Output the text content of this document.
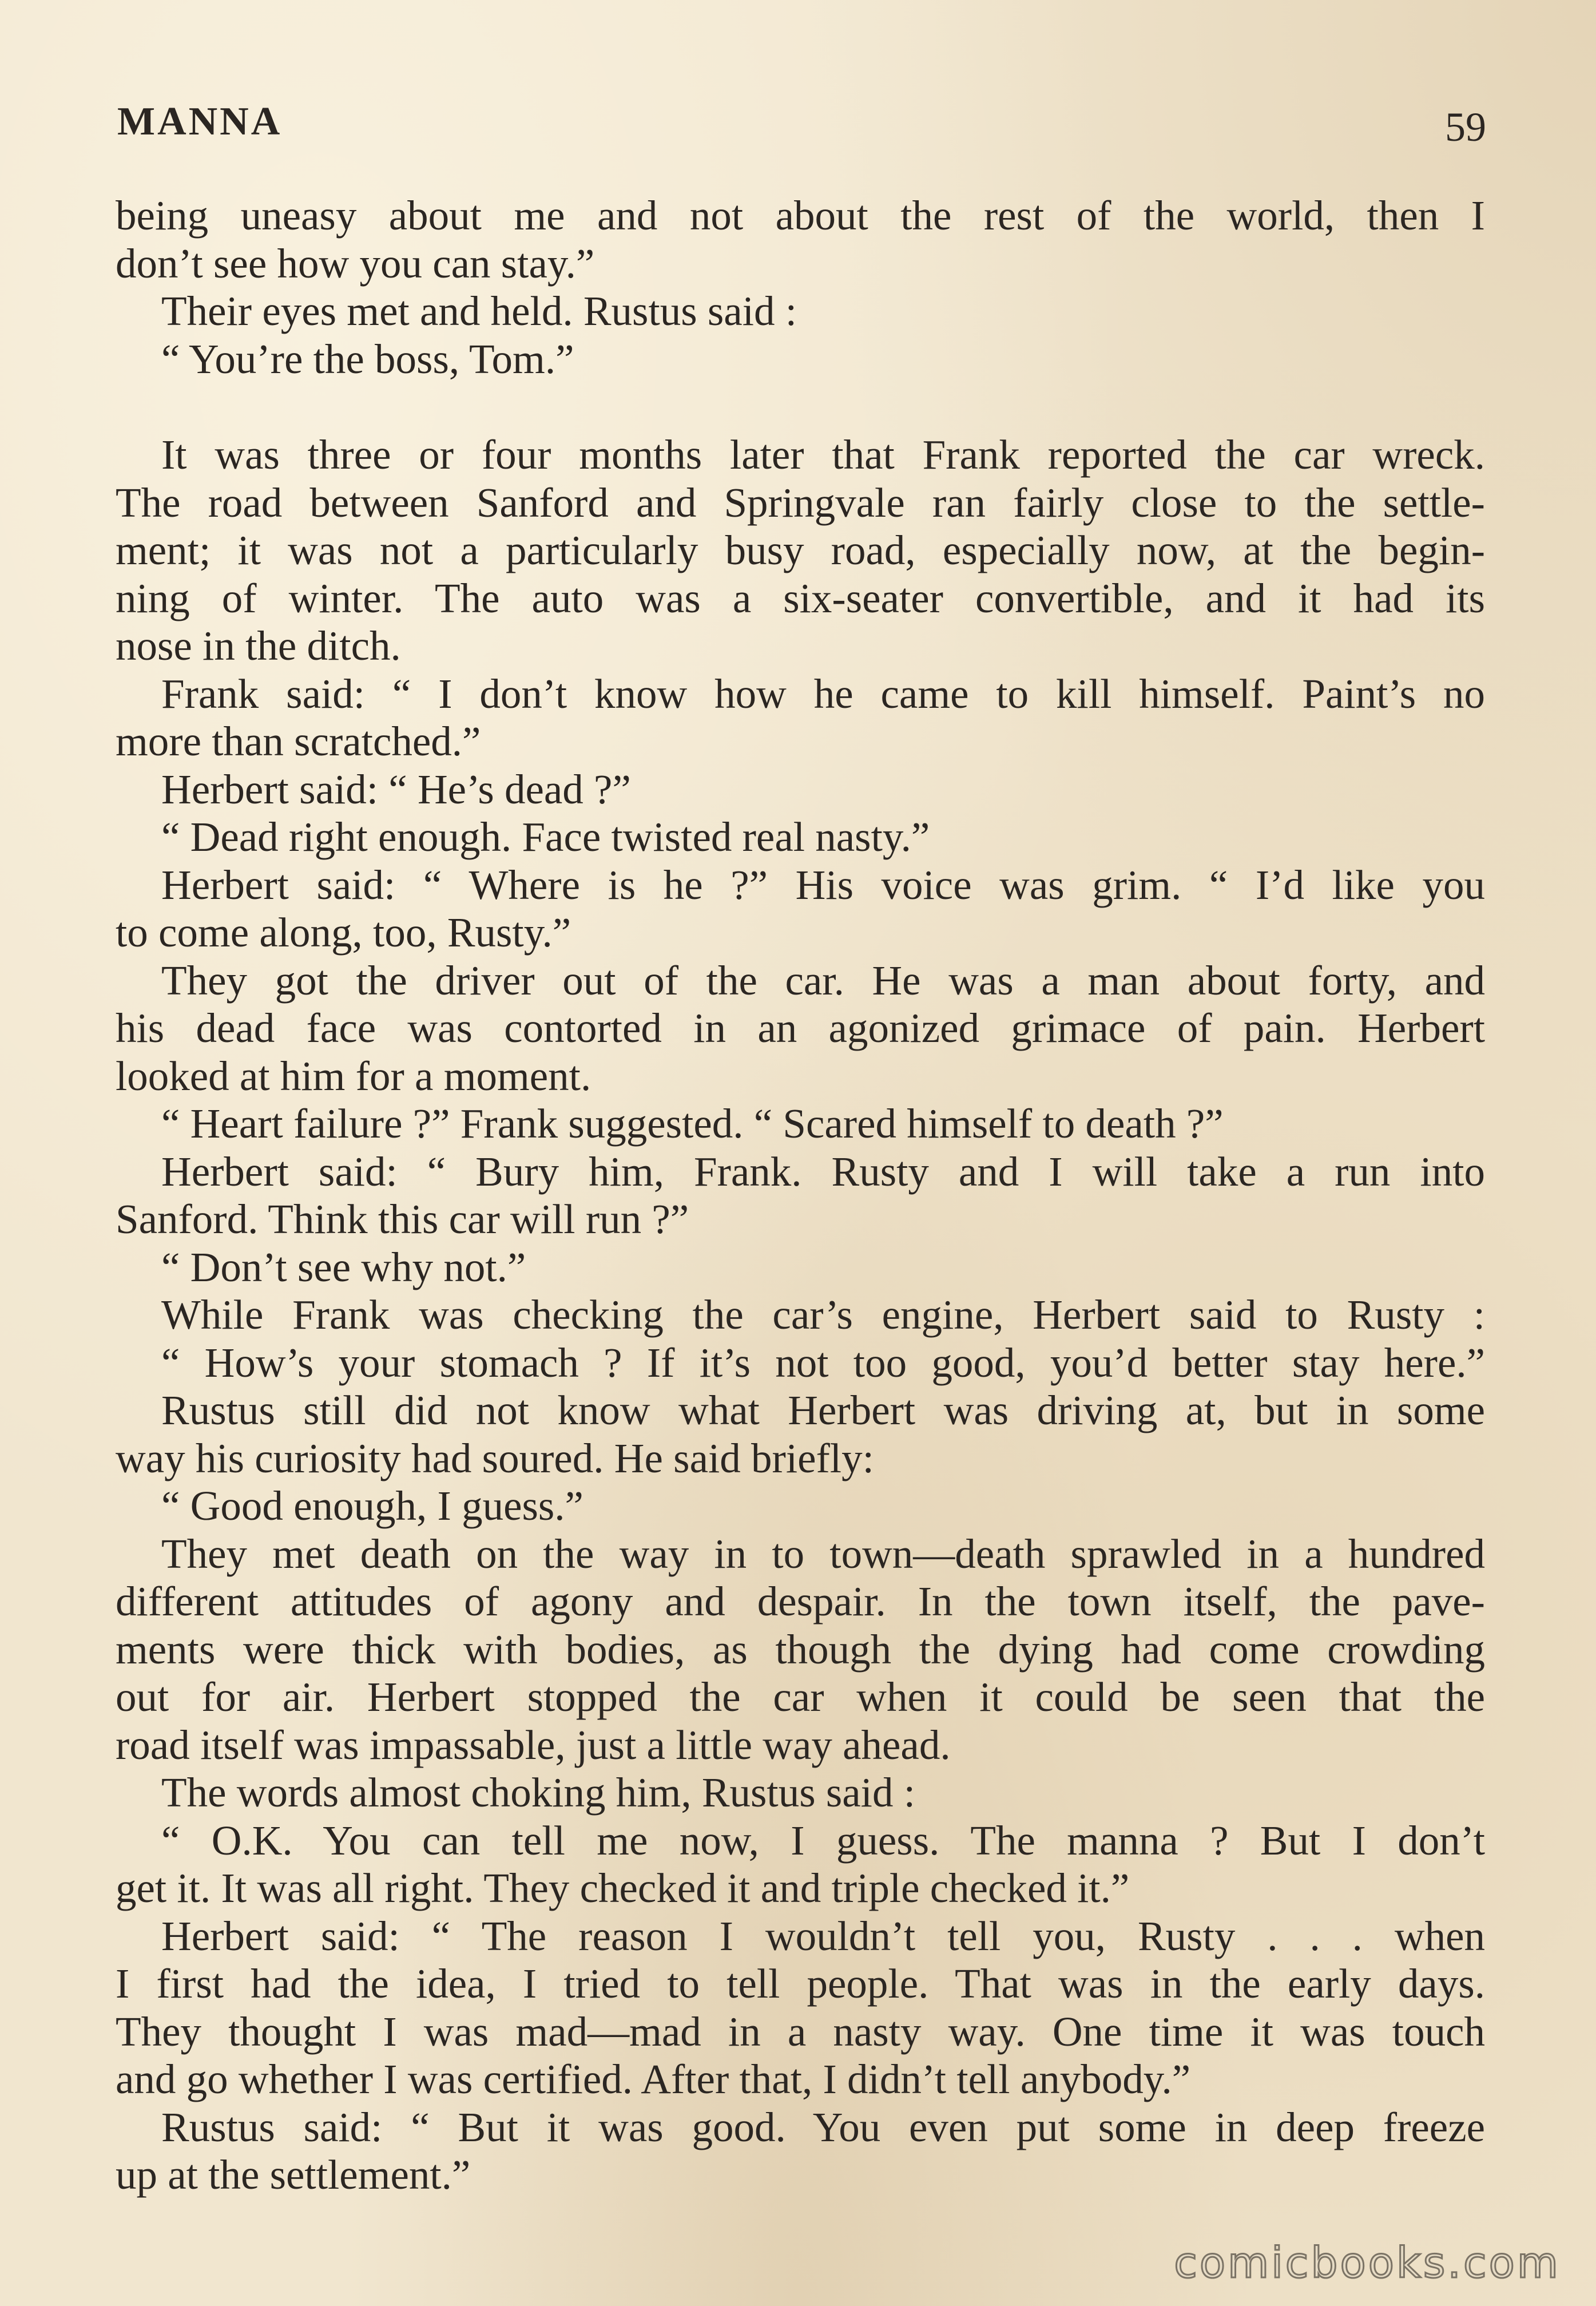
MANNA	59
being uneasy about me and not about the rest of the world, then I
don’t see how you can stay.”
Their eyes met and held. Rustus said :
“ You’re the boss, Tom.”
It was three or four months later that Frank reported the car wreck.
The road between Sanford and Springvale ran fairly close to the settle-
ment; it was not a particularly busy road, especially now, at the begin-
ning of winter. The auto was a six-seater convertible, and it had its
nose in the ditch.
Frank said: “ I don’t know how he came to kill himself. Paint’s no
more than scratched.”
Herbert said: “ He’s dead ?”
“ Dead right enough. Face twisted real nasty.”
Herbert said: “ Where is he ?” His voice was grim. “ I’d like you
to come along, too, Rusty.”
They got the driver out of the car. He was a man about forty, and
his dead face was contorted in an agonized grimace of pain. Herbert
looked at him for a moment.
“ Heart failure ?” Frank suggested. “ Scared himself to death ?”
Herbert said: “ Bury him, Frank. Rusty and I will take a run into
Sanford. Think this car will run ?”
“ Don’t see why not.”
While Frank was checking the car’s engine, Herbert said to Rusty :
“ How’s your stomach ? If it’s not too good, you’d better stay here.”
Rustus still did not know what Herbert was driving at, but in some
way his curiosity had soured. He said briefly:
“ Good enough, I guess.”
They met death on the way in to town—death sprawled in a hundred
different attitudes of agony and despair. In the town itself, the pave-
ments were thick with bodies, as though the dying had come crowding
out for air. Herbert stopped the car when it could be seen that the
road itself was impassable, just a little way ahead.
The words almost choking him, Rustus said :
“ O.K. You can tell me now, I guess. The manna ? But I don’t
get it. It was all right. They checked it and triple checked it.”
Herbert said: “ The reason I wouldn’t tell you, Rusty . . . when
I first had the idea, I tried to tell people. That was in the early days.
They thought I was mad—mad in a nasty way. One time it was touch
and go whether I was certified. After that, I didn’t tell anybody.”
Rustus said: “ But it was good. You even put some in deep freeze
up at the settlement.”
comicbooks.com
